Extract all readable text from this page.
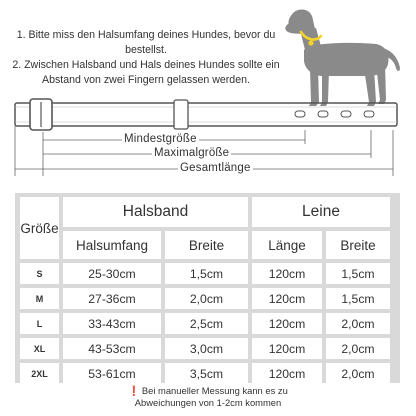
1. Bitte miss den Halsumfang deines Hundes, bevor du bestellst.
2. Zwischen Halsband und Hals deines Hundes sollte ein Abstand von zwei Fingern gelassen werden.
Mindestgröße
Maximalgröße
Gesamtlänge
Größe
Halsband	Leine
Halsumfang	Breite	Länge	Breite
S	25-30cm	1,5cm	120cm	1,5cm
M	27-36cm	2,0cm	120cm	1,5cm
L	33-43cm	2,5cm	120cm	2,0cm
XL	43-53cm	3,0cm	120cm	2,0cm
2XL	53-61cm	3,5cm	120cm	2,0cm
❗ Bei manueller Messung kann es zu Abweichungen von 1-2cm kommen
